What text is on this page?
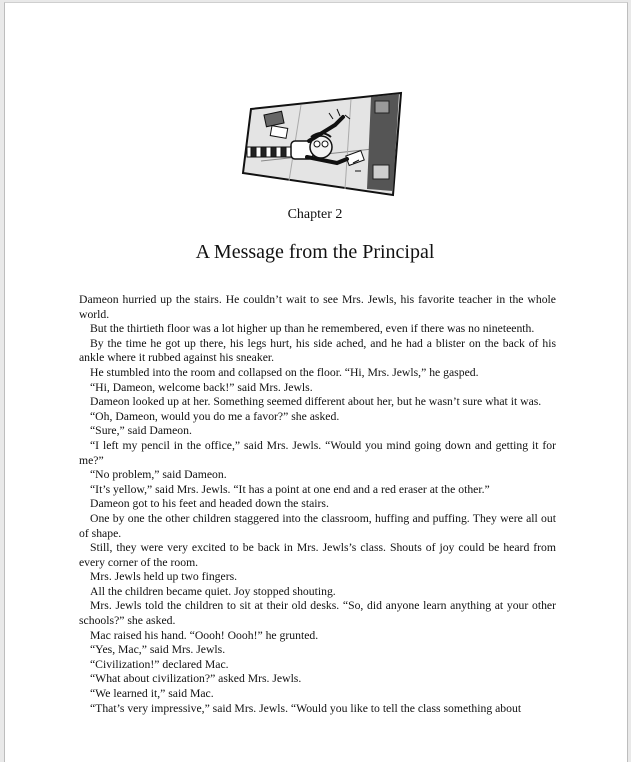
Chapter 2
A Message from the Principal

Dameon hurried up the stairs. He couldn’t wait to see Mrs. Jewls, his favorite teacher in the whole world.

But the thirtieth floor was a lot higher up than he remembered, even if there was no nineteenth.

By the time he got up there, his legs hurt, his side ached, and he had a blister on the back of his ankle where it rubbed against his sneaker.

He stumbled into the room and collapsed on the floor. “Hi, Mrs. Jewls,” he gasped.

“Hi, Dameon, welcome back!” said Mrs. Jewls.

Dameon looked up at her. Something seemed different about her, but he wasn’t sure what it was.

“Oh, Dameon, would you do me a favor?” she asked.

“Sure,” said Dameon.

“I left my pencil in the office,” said Mrs. Jewls. “Would you mind going down and getting it for me?”

“No problem,” said Dameon.

“It’s yellow,” said Mrs. Jewls. “It has a point at one end and a red eraser at the other.”

Dameon got to his feet and headed down the stairs.

One by one the other children staggered into the classroom, huffing and puffing. They were all out of shape.

Still, they were very excited to be back in Mrs. Jewls’s class. Shouts of joy could be heard from every corner of the room.

Mrs. Jewls held up two fingers.

All the children became quiet. Joy stopped shouting.

Mrs. Jewls told the children to sit at their old desks. “So, did anyone learn anything at your other schools?” she asked.

Mac raised his hand. “Oooh! Oooh!” he grunted.

“Yes, Mac,” said Mrs. Jewls.

“Civilization!” declared Mac.

“What about civilization?” asked Mrs. Jewls.

“We learned it,” said Mac.

“That’s very impressive,” said Mrs. Jewls. “Would you like to tell the class something about
